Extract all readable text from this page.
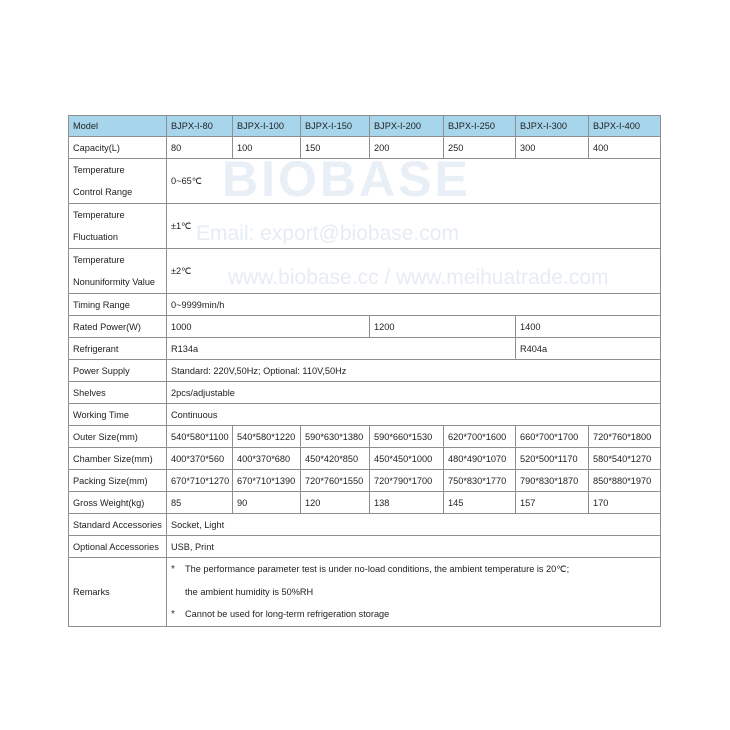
BIOBASE
Email: export@biobase.com
www.biobase.cc / www.meihuatrade.com
Model	BJPX-I-80	BJPX-I-100	BJPX-I-150	BJPX-I-200	BJPX-I-250	BJPX-I-300	BJPX-I-400
Capacity(L)	80	100	150	200	250	300	400

Temperature
Control Range	0~65℃						

Temperature
Fluctuation	±1℃						

Temperature
Nonuniformity Value	±2℃						
Timing Range	0~9999min/h						
Rated Power(W)	1000			1200		1400	
Refrigerant	R134a					R404a	
Power Supply	Standard: 220V,50Hz; Optional: 110V,50Hz						
Shelves	2pcs/adjustable						
Working Time	Continuous						
Outer Size(mm)	540*580*1100	540*580*1220	590*630*1380	590*660*1530	620*700*1600	660*700*1700	720*760*1800
Chamber Size(mm)	400*370*560	400*370*680	450*420*850	450*450*1000	480*490*1070	520*500*1170	580*540*1270
Packing Size(mm)	670*710*1270	670*710*1390	720*760*1550	720*790*1700	750*830*1770	790*830*1870	850*880*1970
Gross Weight(kg)	85	90	120	138	145	157	170
Standard Accessories	Socket, Light						
Optional Accessories	USB, Print						
Remarks	* The performance parameter test is under no-load conditions, the ambient temperature is 20℃;
the ambient humidity is 50%RH
* Cannot be used for long-term refrigeration storage						
